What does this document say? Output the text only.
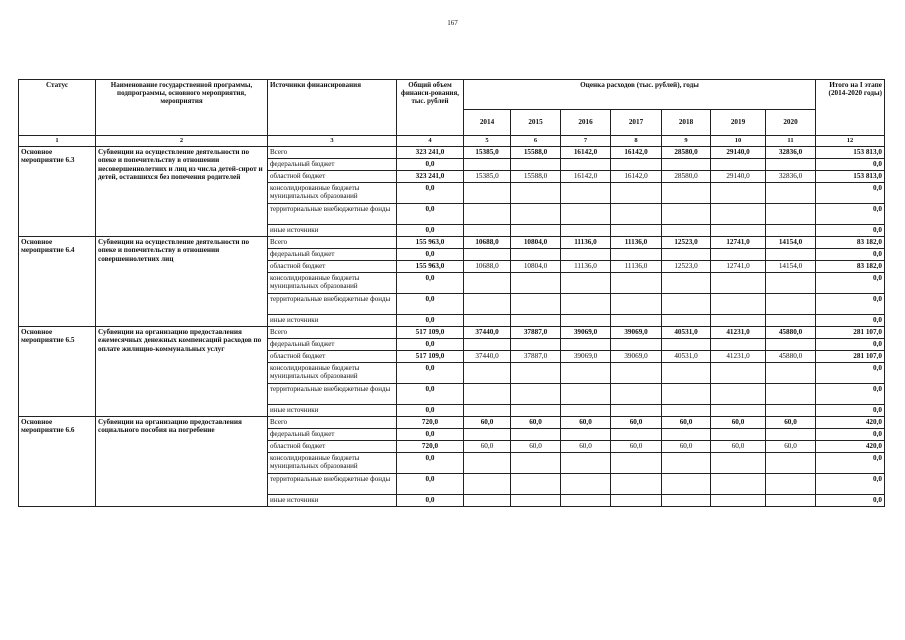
167
Статус	Наименование государственной программы, подпрограммы, основного мероприятия, мероприятия	Источники финансирования	Общий объем финанси-рования, тыс. рублей	Оценка расходов (тыс. рублей), годы							Итого на I этапе (2014-2020 годы)
				2014	2015	2016	2017	2018	2019	2020	
1	2	3	4	5	6	7	8	9	10	11	12
Основное мероприятие 6.3	Субвенции на осуществление деятельности по опеке и попечительству в отношении несовершеннолетних и лиц из числа детей-сирот и детей, оставшихся без попечения родителей	Всего	323 241,0	15385,0	15588,0	16142,0	16142,0	28580,0	29140,0	32836,0	153 813,0
		федеральный бюджет	0,0								0,0
		областной бюджет	323 241,0	15385,0	15588,0	16142,0	16142,0	28580,0	29140,0	32836,0	153 813,0
		консолидированные бюджеты муниципальных образований	0,0								0,0
		территориальные внебюджетные фонды	0,0								0,0
		иные источники	0,0								0,0
Основное мероприятие 6.4	Субвенции на осуществление деятельности по опеке и попечительству в отношении совершеннолетних лиц	Всего	155 963,0	10688,0	10804,0	11136,0	11136,0	12523,0	12741,0	14154,0	83 182,0
		федеральный бюджет	0,0								0,0
		областной бюджет	155 963,0	10688,0	10804,0	11136,0	11136,0	12523,0	12741,0	14154,0	83 182,0
		консолидированные бюджеты муниципальных образований	0,0								0,0
		территориальные внебюджетные фонды	0,0								0,0
		иные источники	0,0								0,0
Основное мероприятие 6.5	Субвенции на организацию предоставления ежемесячных денежных компенсаций расходов по оплате жилищно-коммунальных услуг	Всего	517 109,0	37440,0	37887,0	39069,0	39069,0	40531,0	41231,0	45880,0	281 107,0
		федеральный бюджет	0,0								0,0
		областной бюджет	517 109,0	37440,0	37887,0	39069,0	39069,0	40531,0	41231,0	45880,0	281 107,0
		консолидированные бюджеты муниципальных образований	0,0								0,0
		территориальные внебюджетные фонды	0,0								0,0
		иные источники	0,0								0,0
Основное мероприятие 6.6	Субвенции на организацию предоставления социального пособия на погребение	Всего	720,0	60,0	60,0	60,0	60,0	60,0	60,0	60,0	420,0
		федеральный бюджет	0,0								0,0
		областной бюджет	720,0	60,0	60,0	60,0	60,0	60,0	60,0	60,0	420,0
		консолидированные бюджеты муниципальных образований	0,0								0,0
		территориальные внебюджетные фонды	0,0								0,0
		иные источники	0,0								0,0
